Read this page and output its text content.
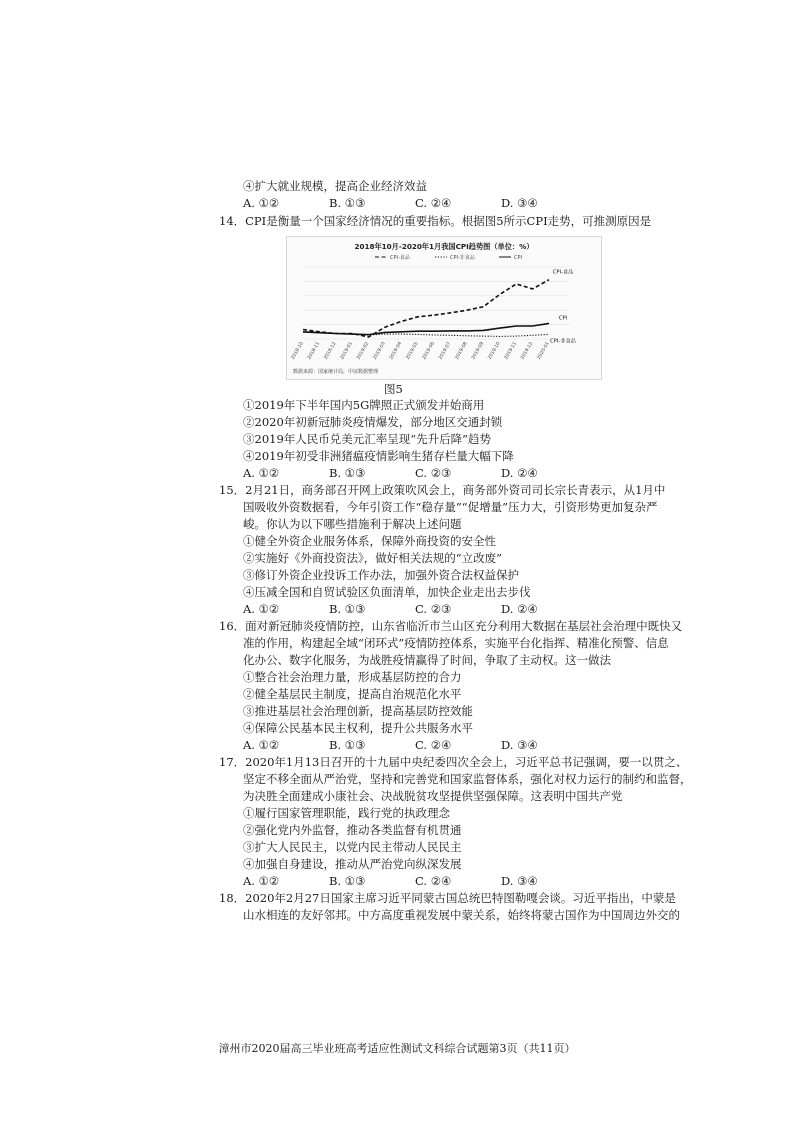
④扩大就业规模，提高企业经济效益
A. ①②	B. ①③	C. ②④	D. ③④
14．CPI是衡量一个国家经济情况的重要指标。根据图5所示CPI走势，可推测原因是
2018年10月-2020年1月我国CPI趋势图（单位：%）
CPI-食品	CPI-非食品	CPI
2018-10 2018-11 2018-12 2019-01 2019-02 2019-03 2019-04 2019-05 2019-06 2019-07 2019-08 2019-09 2019-10 2019-11 2019-12 2020-01
CPI-食品
CPI-非食品
CPI
数据来源：国家统计局，中证数据整理
图5
①2019年下半年国内5G牌照正式颁发并始商用
②2020年初新冠肺炎疫情爆发，部分地区交通封锁
③2019年人民币兑美元汇率呈现“先升后降”趋势
④2019年初受非洲猪瘟疫情影响生猪存栏量大幅下降
A. ①②	B. ①③	C. ②③	D. ②④
15．2月21日，商务部召开网上政策吹风会上，商务部外资司司长宗长青表示，从1月中
国吸收外资数据看，今年引资工作“稳存量”“促增量”压力大，引资形势更加复杂严
峻。你认为以下哪些措施利于解决上述问题
①健全外资企业服务体系，保障外商投资的安全性
②实施好《外商投资法》，做好相关法规的“立改废”
③修订外资企业投诉工作办法，加强外资合法权益保护
④压减全国和自贸试验区负面清单，加快企业走出去步伐
A. ①②	B. ①③	C. ②③	D. ②④
16．面对新冠肺炎疫情防控，山东省临沂市兰山区充分利用大数据在基层社会治理中既快又
准的作用，构建起全域“闭环式”疫情防控体系，实施平台化指挥、精准化预警、信息
化办公、数字化服务，为战胜疫情赢得了时间，争取了主动权。这一做法
①整合社会治理力量，形成基层防控的合力
②健全基层民主制度，提高自治规范化水平
③推进基层社会治理创新，提高基层防控效能
④保障公民基本民主权利，提升公共服务水平
A. ①②	B. ①③	C. ②④	D. ③④
17．2020年1月13日召开的十九届中央纪委四次全会上，习近平总书记强调，要一以贯之、
坚定不移全面从严治党，坚持和完善党和国家监督体系，强化对权力运行的制约和监督，
为决胜全面建成小康社会、决战脱贫攻坚提供坚强保障。这表明中国共产党
①履行国家管理职能，践行党的执政理念
②强化党内外监督，推动各类监督有机贯通
③扩大人民民主，以党内民主带动人民民主
④加强自身建设，推动从严治党向纵深发展
A. ①②	B. ①③	C. ②④	D. ③④
18．2020年2月27日国家主席习近平同蒙古国总统巴特图勒嘎会谈。习近平指出，中蒙是
山水相连的友好邻邦。中方高度重视发展中蒙关系，始终将蒙古国作为中国周边外交的
漳州市2020届高三毕业班高考适应性测试文科综合试题第3页（共11页）
